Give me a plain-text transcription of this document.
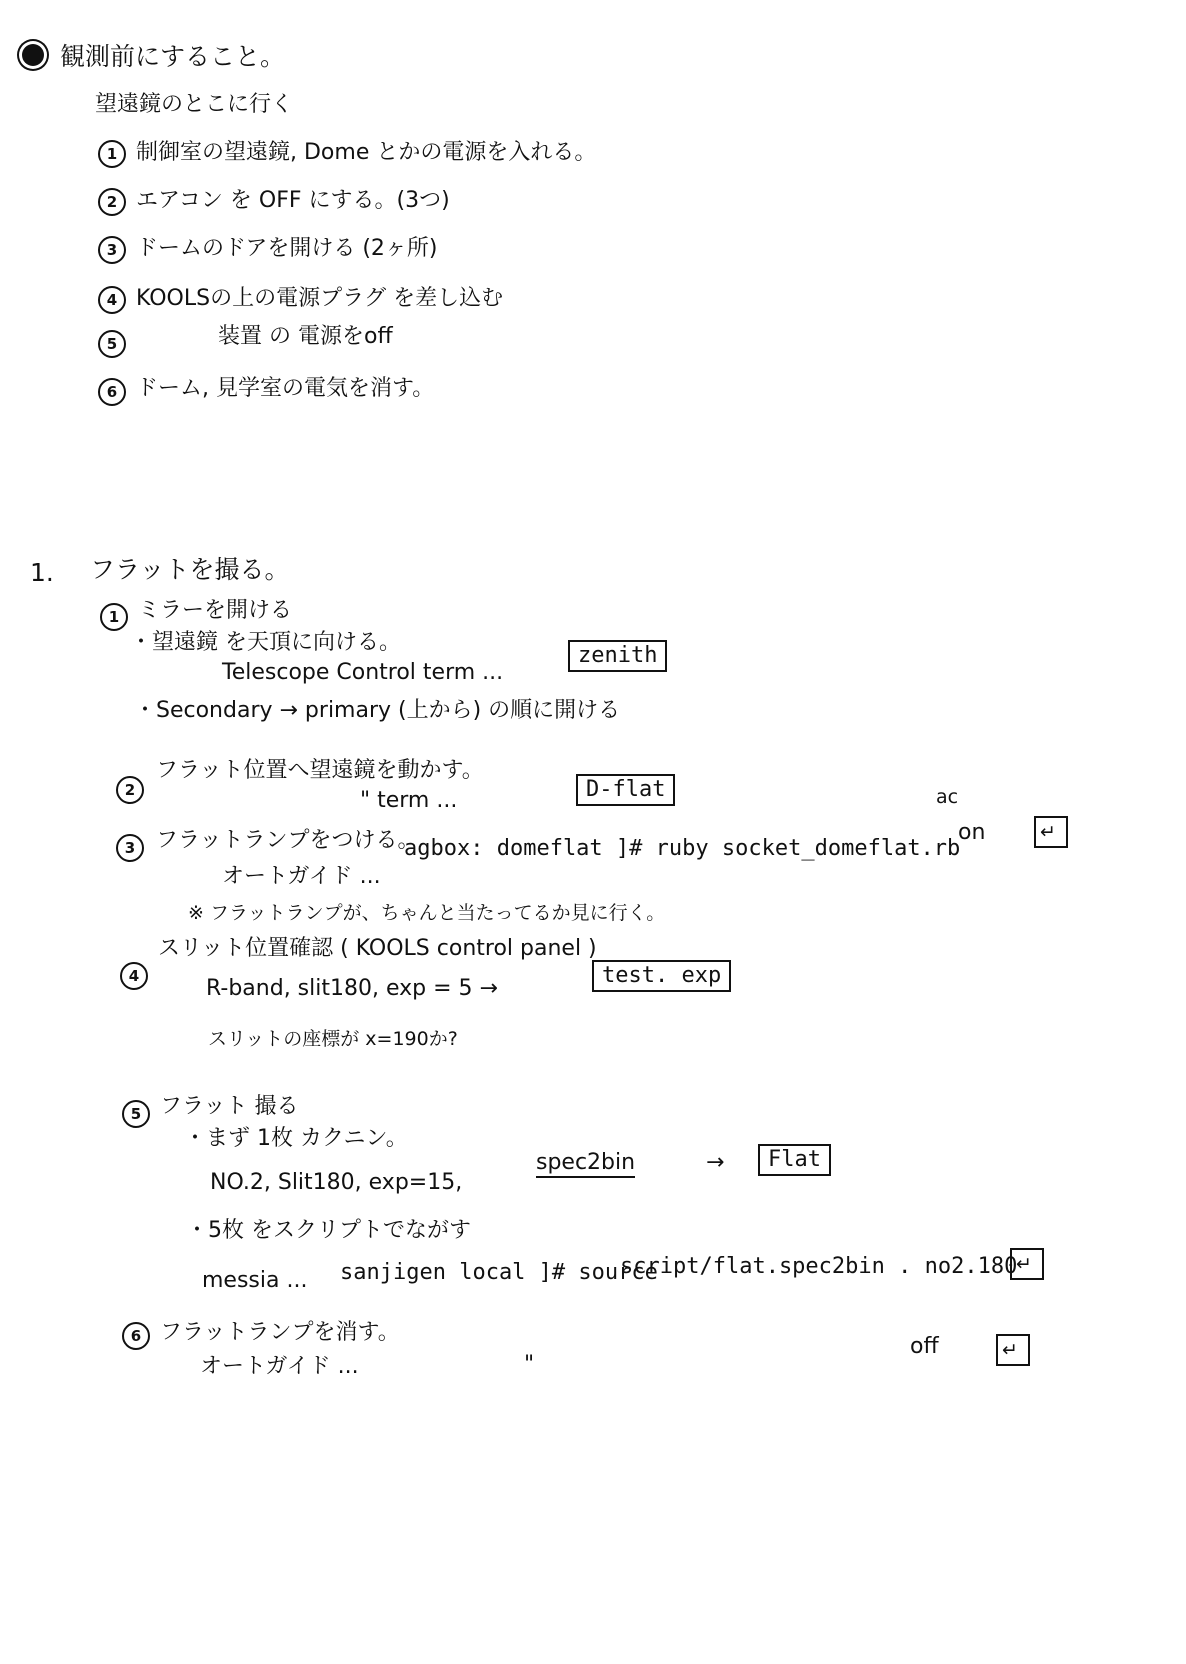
観測前にすること。
望遠鏡のとこに行く
1 制御室の望遠鏡, Dome とかの電源を入れる。
2 エアコン を OFF にする。(3つ)
3 ドームのドアを開ける (2ヶ所)
4 KOOLSの上の電源プラグ を差し込む
5	装置 の 電源をoff
6 ドーム, 見学室の電気を消す。
1. フラットを撮る。
1 ミラーを開ける
・望遠鏡 を天頂に向ける。
Telescope Control term ...
zenith
・Secondary → primary (上から) の順に開ける
2
フラット位置へ望遠鏡を動かす。
" term ...	D-flat
3 フラットランプをつける。
ac
オートガイド ...
agbox: domeflat ]# ruby socket_domeflat.rb
on	↵
※ フラットランプが、ちゃんと当たってるか見に行く。
4
スリット位置確認 ( KOOLS control panel )
R-band, slit180, exp = 5 →
test. exp
スリットの座標が x=190か?
5 フラット 撮る
・まず 1枚 カクニン。
NO.2, Slit180, exp=15,
spec2bin	→	Flat
・5枚 をスクリプトでながす
messia ... sanjigen local ]# source
script/flat.spec2bin . no2.180
↵
6 フラットランプを消す。
オートガイド ...	"
off	↵
